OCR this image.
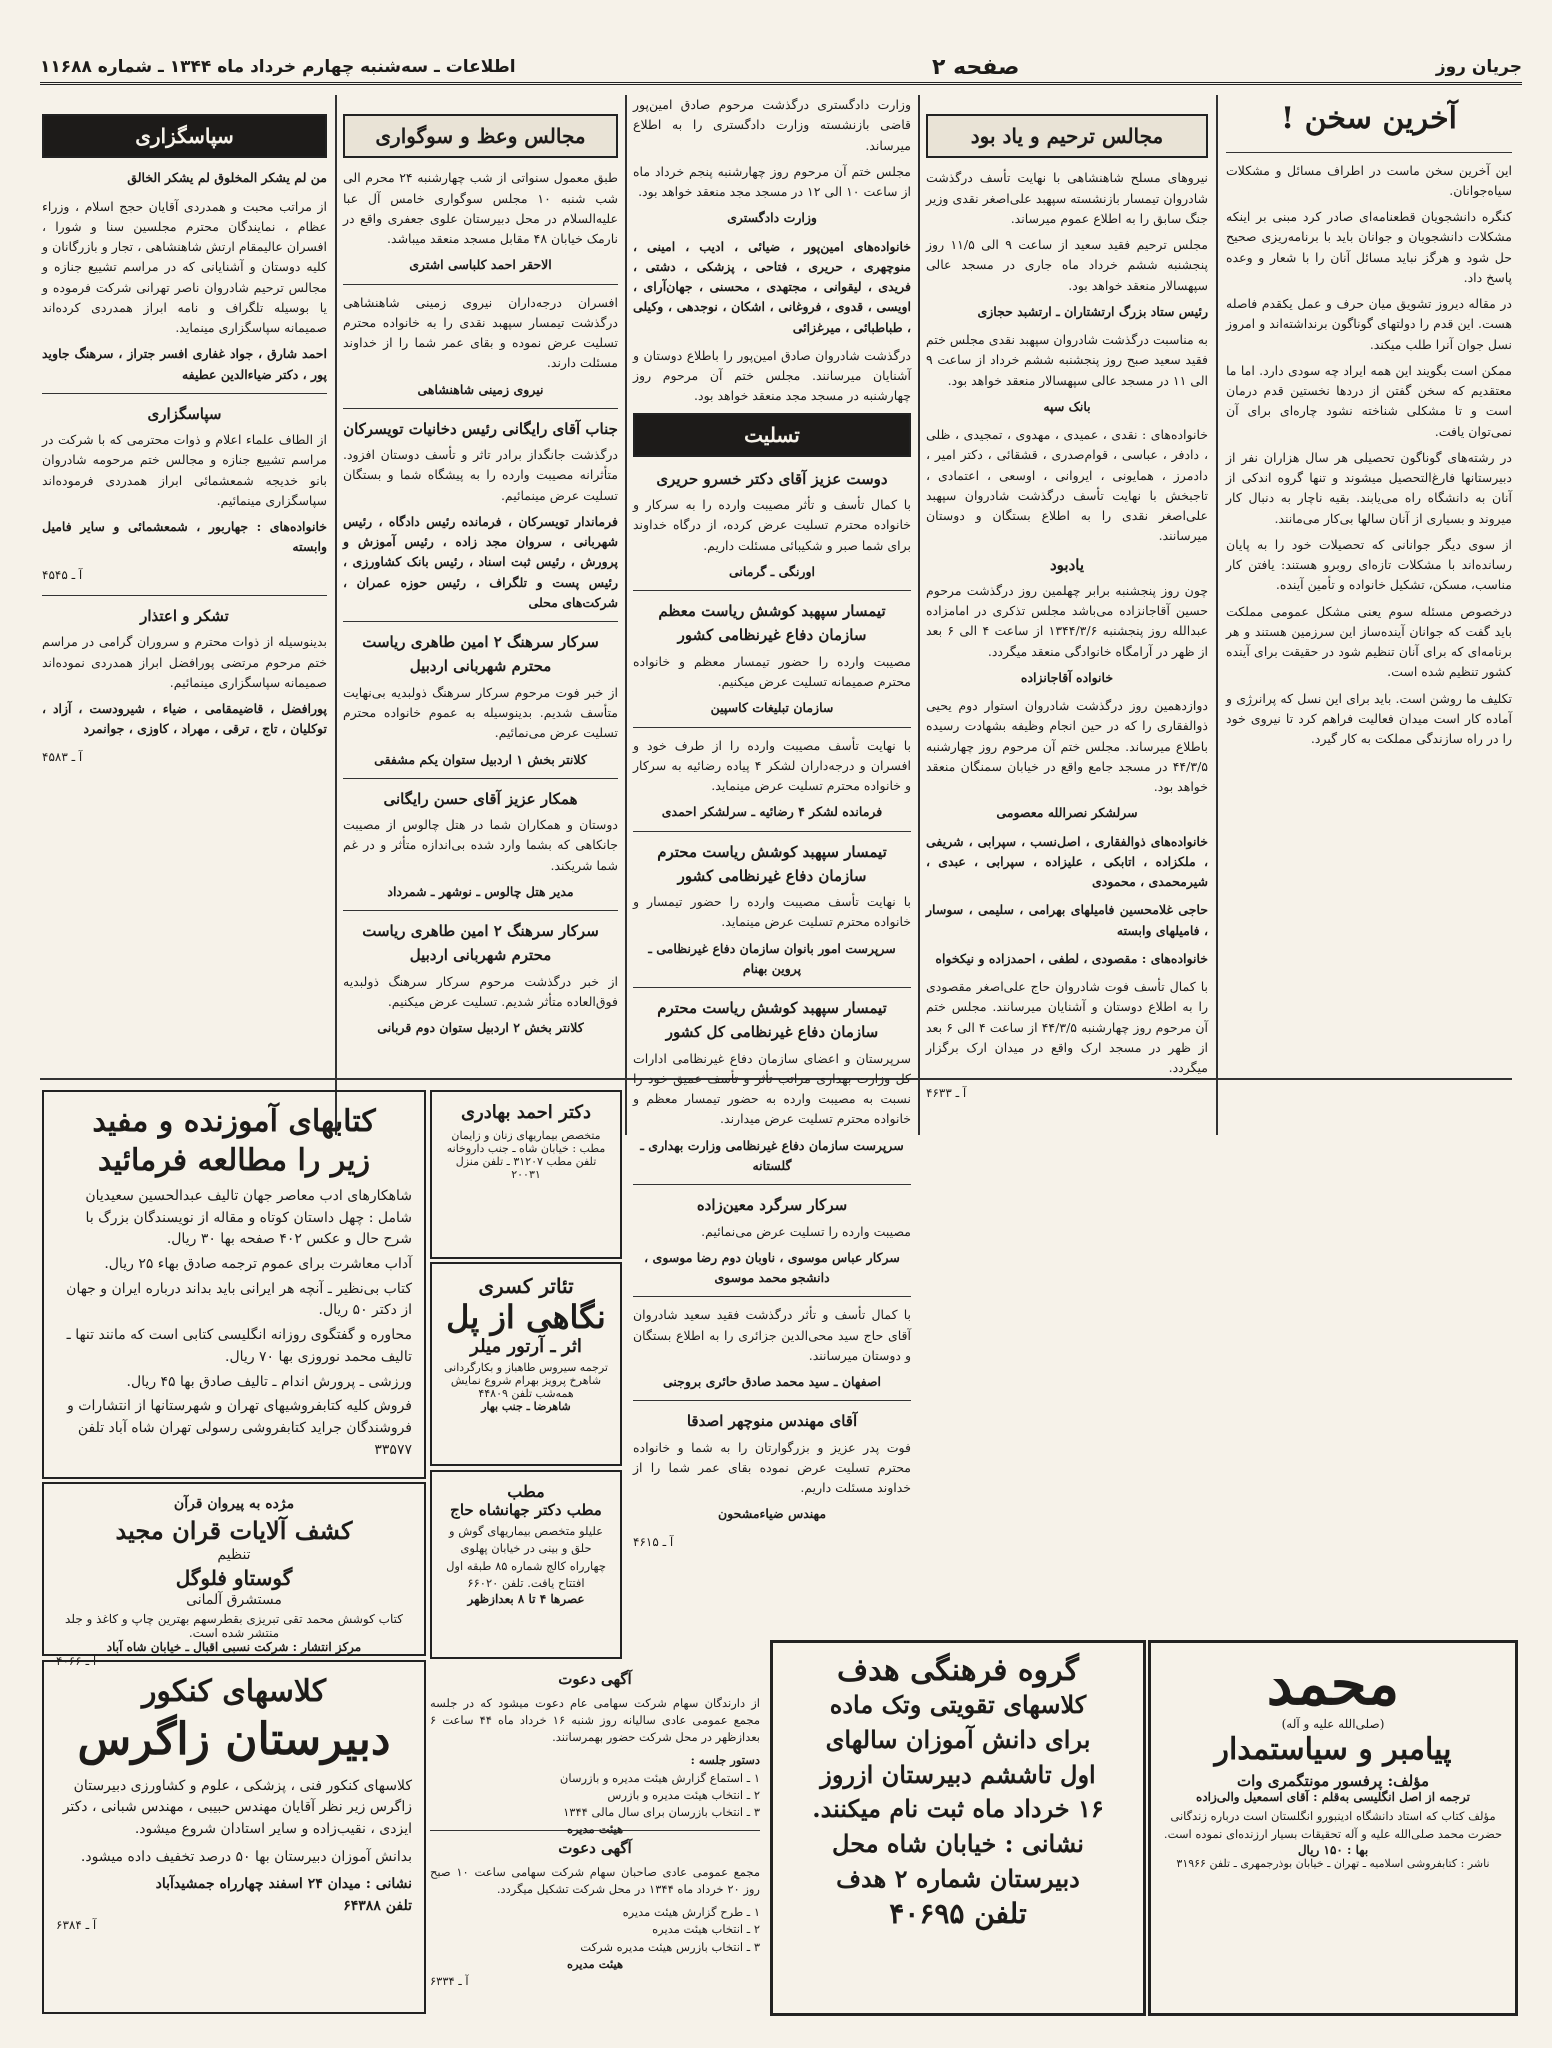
جریان روز
صفحه ۲
اطلاعات ـ سه‌شنبه چهارم خرداد ماه ۱۳۴۴ ـ شماره ۱۱۶۸۸
آخرین سخن !

این آخرین سخن ماست در اطراف مسائل و مشکلات سیاه‌جوانان.

کنگره دانشجویان قطعنامه‌ای صادر کرد مبنی بر اینکه مشکلات دانشجویان و جوانان باید با برنامه‌ریزی صحیح حل شود و هرگز نباید مسائل آنان را با شعار و وعده پاسخ داد.

در مقاله دیروز تشویق میان حرف و عمل یکقدم فاصله هست. این قدم را دولتهای گوناگون برنداشته‌اند و امروز نسل جوان آنرا طلب میکند.

ممکن است بگویند این همه ایراد چه سودی دارد. اما ما معتقدیم که سخن گفتن از دردها نخستین قدم درمان است و تا مشکلی شناخته نشود چاره‌ای برای آن نمی‌توان یافت.

در رشته‌های گوناگون تحصیلی هر سال هزاران نفر از دبیرستانها فارغ‌التحصیل میشوند و تنها گروه اندکی از آنان به دانشگاه راه می‌یابند. بقیه ناچار به دنبال کار میروند و بسیاری از آنان سالها بی‌کار می‌مانند.

از سوی دیگر جوانانی که تحصیلات خود را به پایان رسانده‌اند با مشکلات تازه‌ای روبرو هستند: یافتن کار مناسب، مسکن، تشکیل خانواده و تأمین آینده.

درخصوص مسئله سوم یعنی مشکل عمومی مملکت باید گفت که جوانان آینده‌ساز این سرزمین هستند و هر برنامه‌ای که برای آنان تنظیم شود در حقیقت برای آینده کشور تنظیم شده است.

تکلیف ما روشن است. باید برای این نسل که پرانرژی و آماده کار است میدان فعالیت فراهم کرد تا نیروی خود را در راه سازندگی مملکت به کار گیرد.

مجالس ترحیم و یاد بود

نیروهای مسلح شاهنشاهی با نهایت تأسف درگذشت شادروان تیمسار بازنشسته سپهبد علی‌اصغر نقدی وزیر جنگ سابق را به اطلاع عموم میرساند.

مجلس ترحیم فقید سعید از ساعت ۹ الی ۱۱/۵ روز پنجشنبه ششم خرداد ماه جاری در مسجد عالی سپهسالار منعقد خواهد بود.

رئیس ستاد بزرگ ارتشتاران ـ ارتشبد حجازی

به مناسبت درگذشت شادروان سپهبد نقدی مجلس ختم فقید سعید صبح روز پنجشنبه ششم خرداد از ساعت ۹ الی ۱۱ در مسجد عالی سپهسالار منعقد خواهد بود.

بانک سپه

خانواده‌های : نقدی ، عمیدی ، مهدوی ، تمجیدی ، ظلی ، دادفر ، عباسی ، قوام‌صدری ، قشقائی ، دکتر امیر ، دادمرز ، همایونی ، ایروانی ، اوسعی ، اعتمادی ، تاجبخش با نهایت تأسف درگذشت شادروان سپهبد علی‌اصغر نقدی را به اطلاع بستگان و دوستان میرسانند.

یادبود

چون روز پنجشنبه برابر چهلمین روز درگذشت مرحوم حسین آقاجانزاده می‌باشد مجلس تذکری در امامزاده عبدالله روز پنجشنبه ۱۳۴۴/۳/۶ از ساعت ۴ الی ۶ بعد از ظهر در آرامگاه خانوادگی منعقد میگردد.

خانواده آقاجانزاده

دوازدهمین روز درگذشت شادروان استوار دوم یحیی ذوالفقاری را که در حین انجام وظیفه بشهادت رسیده باطلاع میرساند. مجلس ختم آن مرحوم روز چهارشنبه ۴۴/۳/۵ در مسجد جامع واقع در خیابان سمنگان منعقد خواهد بود.

سرلشکر نصرالله معصومی

خانواده‌های ذوالفقاری ، اصل‌نسب ، سپرابی ، شریفی ، ملکزاده ، اتابکی ، علیزاده ، سپرابی ، عبدی ، شیرمحمدی ، محمودی

حاجی غلامحسین فامیلهای بهرامی ، سلیمی ، سوسار ، فامیلهای وابسته

خانواده‌های : مقصودی ، لطفی ، احمدزاده و نیکخواه

با کمال تأسف فوت شادروان حاج علی‌اصغر مقصودی را به اطلاع دوستان و آشنایان میرسانند. مجلس ختم آن مرحوم روز چهارشنبه ۴۴/۳/۵ از ساعت ۴ الی ۶ بعد از ظهر در مسجد ارک واقع در میدان ارک برگزار میگردد.

آ ـ ۴۶۳۳

وزارت دادگستری درگذشت مرحوم صادق امین‌پور قاضی بازنشسته وزارت دادگستری را به اطلاع میرساند.

مجلس ختم آن مرحوم روز چهارشنبه پنجم خرداد ماه از ساعت ۱۰ الی ۱۲ در مسجد مجد منعقد خواهد بود.

وزارت دادگستری

خانواده‌های امین‌پور ، ضیائی ، ادیب ، امینی ، منوچهری ، حریری ، فتاحی ، پزشکی ، دشتی ، فریدی ، لیقوانی ، مجتهدی ، محسنی ، جهان‌آرای ، اویسی ، قدوی ، فروغانی ، اشکان ، نوجدهی ، وکیلی ، طباطبائی ، میرغزائی

درگذشت شادروان صادق امین‌پور را باطلاع دوستان و آشنایان میرسانند. مجلس ختم آن مرحوم روز چهارشنبه در مسجد مجد منعقد خواهد بود.

تسلیت
دوست عزیز آقای دکتر خسرو حریری

با کمال تأسف و تأثر مصیبت وارده را به سرکار و خانواده محترم تسلیت عرض کرده، از درگاه خداوند برای شما صبر و شکیبائی مسئلت داریم.

اورنگی ـ گرمانی

تیمسار سپهبد کوشش ریاست معظم سازمان دفاع غیرنظامی کشور

مصیبت وارده را حضور تیمسار معظم و خانواده محترم صمیمانه تسلیت عرض میکنیم.

سازمان تبلیغات کاسپین

با نهایت تأسف مصیبت وارده را از طرف خود و افسران و درجه‌داران لشکر ۴ پیاده رضائیه به سرکار و خانواده محترم تسلیت عرض مینماید.

فرمانده لشکر ۴ رضائیه ـ سرلشکر احمدی

تیمسار سپهبد کوشش ریاست محترم سازمان دفاع غیرنظامی کشور

با نهایت تأسف مصیبت وارده را حضور تیمسار و خانواده محترم تسلیت عرض مینماید.

سرپرست امور بانوان سازمان دفاع غیرنظامی ـ پروین بهنام

تیمسار سپهبد کوشش ریاست محترم سازمان دفاع غیرنظامی کل کشور

سرپرستان و اعضای سازمان دفاع غیرنظامی ادارات کل وزارت بهداری مراتب تأثر و تأسف عمیق خود را نسبت به مصیبت وارده به حضور تیمسار معظم و خانواده محترم تسلیت عرض میدارند.

سرپرست سازمان دفاع غیرنظامی وزارت بهداری ـ گلستانه

سرکار سرگرد معین‌زاده

مصیبت وارده را تسلیت عرض می‌نمائیم.

سرکار عباس موسوی ، ناوبان دوم رضا موسوی ، دانشجو محمد موسوی

با کمال تأسف و تأثر درگذشت فقید سعید شادروان آقای حاج سید محی‌الدین جزائری را به اطلاع بستگان و دوستان میرسانند.

اصفهان ـ سید محمد صادق حائری بروجنی

آقای مهندس منوچهر اصدقا

فوت پدر عزیز و بزرگوارتان را به شما و خانواده محترم تسلیت عرض نموده بقای عمر شما را از خداوند مسئلت داریم.

مهندس ضیاء‌مشحون

آ ـ ۴۶۱۵

مجالس وعظ و سوگواری

طبق معمول سنواتی از شب چهارشنبه ۲۴ محرم الی شب شنبه ۱۰ مجلس سوگواری خامس آل عبا علیه‌السلام در محل دبیرستان علوی جعفری واقع در نارمک خیابان ۴۸ مقابل مسجد منعقد میباشد.

الاحقر احمد کلباسی اشتری

افسران درجه‌داران نیروی زمینی شاهنشاهی درگذشت تیمسار سپهبد نقدی را به خانواده محترم تسلیت عرض نموده و بقای عمر شما را از خداوند مسئلت دارند.

نیروی زمینی شاهنشاهی

جناب آقای رایگانی رئیس دخانیات تویسرکان

درگذشت جانگداز برادر تاثر و تأسف دوستان افزود. متأثرانه مصیبت وارده را به پیشگاه شما و بستگان تسلیت عرض مینمائیم.

فرماندار تویسرکان ، فرمانده رئیس دادگاه ، رئیس شهربانی ، سروان مجد زاده ، رئیس آموزش و پرورش ، رئیس ثبت اسناد ، رئیس بانک کشاورزی ، رئیس پست و تلگراف ، رئیس حوزه عمران ، شرکت‌های محلی

سرکار سرهنگ ۲ امین طاهری ریاست محترم شهربانی اردبیل

از خبر فوت مرحوم سرکار سرهنگ ذولبدیه بی‌نهایت متأسف شدیم. بدینوسیله به عموم خانواده محترم تسلیت عرض می‌نمائیم.

کلانتر بخش ۱ اردبیل ستوان یکم مشفقی

همکار عزیز آقای حسن رایگانی

دوستان و همکاران شما در هتل چالوس از مصیبت جانکاهی که بشما وارد شده بی‌اندازه متأثر و در غم شما شریکند.

مدیر هتل چالوس ـ نوشهر ـ شمرداد

سرکار سرهنگ ۲ امین طاهری ریاست محترم شهربانی اردبیل

از خبر درگذشت مرحوم سرکار سرهنگ ذولبدیه فوق‌العاده متأثر شدیم. تسلیت عرض میکنیم.

کلانتر بخش ۲ اردبیل ستوان دوم قربانی

سپاسگزاری

من لم یشکر المخلوق لم یشکر الخالق

از مراتب محبت و همدردی آقایان حجج اسلام ، وزراء عظام ، نمایندگان محترم مجلسین سنا و شورا ، افسران عالیمقام ارتش شاهنشاهی ، تجار و بازرگانان و کلیه دوستان و آشنایانی که در مراسم تشییع جنازه و مجالس ترحیم شادروان ناصر تهرانی شرکت فرموده و یا بوسیله تلگراف و نامه ابراز همدردی کرده‌اند صمیمانه سپاسگزاری مینماید.

احمد شارق ، جواد غفاری افسر جتراز ، سرهنگ جاوید پور ، دکتر ضیاء‌الدین عطیفه

سپاسگزاری

از الطاف علماء اعلام و ذوات محترمی که با شرکت در مراسم تشییع جنازه و مجالس ختم مرحومه شادروان بانو خدیجه شمعشمائی ابراز همدردی فرموده‌اند سپاسگزاری مینمائیم.

خانواده‌های : جهاربور ، شمعشمائی و سایر فامیل وابسته

آ ـ ۴۵۴۵

تشکر و اعتذار

بدینوسیله از ذوات محترم و سروران گرامی در مراسم ختم مرحوم مرتضی پورافضل ابراز همدردی نموده‌اند صمیمانه سپاسگزاری مینمائیم.

پورافضل ، قاضیمقامی ، ضیاء ، شیرودست ، آزاد ، توکلیان ، تاج ، ترقی ، مهراد ، کاوزی ، جوانمرد

آ ـ ۴۵۸۳

کتابهای آموزنده و مفید
زیر را مطالعه فرمائید

شاهکارهای ادب معاصر جهان تالیف عبدالحسین سعیدیان شامل : چهل داستان کوتاه و مقاله از نویسندگان بزرگ با شرح حال و عکس ۴۰۲ صفحه بها ۳۰ ریال.

آداب معاشرت برای عموم ترجمه صادق بهاء ۲۵ ریال.

کتاب بی‌نظیر ـ آنچه هر ایرانی باید بداند درباره ایران و جهان از دکتر ۵۰ ریال.

محاوره و گفتگوی روزانه انگلیسی کتابی است که مانند تنها ـ تالیف محمد نوروزی بها ۷۰ ریال.

ورزشی ـ پرورش اندام ـ تالیف صادق بها ۴۵ ریال.

فروش کلیه کتابفروشیهای تهران و شهرستانها از انتشارات و فروشندگان جراید کتابفروشی رسولی تهران شاه آباد تلفن ۳۳۵۷۷

مژده به پیروان قرآن
کشف آلایات قران مجید
تنظیم
گوستاو فلوگل
مستشرق آلمانی
کتاب کوشش محمد تقی تبریزی بقطرسهم بهترین چاپ و کاغذ و جلد منتشر شده است.
مرکز انتشار : شرکت نسبی اقبال ـ خیابان شاه آباد
آ ـ ۴۰۶۶
کلاسهای کنکور
دبیرستان زاگرس

کلاسهای کنکور فنی ، پزشکی ، علوم و کشاورزی دبیرستان زاگرس زیر نظر آقایان مهندس حبیبی ، مهندس شبانی ، دکتر ایزدی ، نقیب‌زاده و سایر استادان شروع میشود.

بدانش آموزان دبیرستان بها ۵۰ درصد تخفیف داده میشود.

نشانی : میدان ۲۴ اسفند چهارراه جمشیدآباد
تلفن ۶۴۳۸۸
آ ـ ۶۳۸۴
دکتر احمد بهادری
متخصص بیماریهای زنان و زایمان
مطب : خیابان شاه ـ جنب داروخانه
تلفن مطب ۳۱۲۰۷ ـ تلفن منزل ۲۰۰۳۱
تئاتر کسری
نگاهی از پل
اثر ـ آرتور میلر
ترجمه سیروس طاهباز و بکارگردانی شاهرخ پرویز بهرام شروع نمایش همه‌شب تلفن ۴۴۸۰۹
شاهرضا ـ جنب بهار
مطب
مطب دکتر جهانشاه حاج
علیلو متخصص بیماریهای گوش و حلق و بینی در خیابان پهلوی چهارراه کالج شماره ۸۵ طبقه اول افتتاح یافت. تلفن ۶۶۰۲۰
عصرها ۴ تا ۸ بعدازظهر
آگهی دعوت

از دارندگان سهام شرکت سهامی عام دعوت میشود که در جلسه مجمع عمومی عادی سالیانه روز شنبه ۱۶ خرداد ماه ۴۴ ساعت ۶ بعدازظهر در محل شرکت حضور بهمرسانند.

دستور جلسه :
۱ ـ استماع گزارش هیئت مدیره و بازرسان
۲ ـ انتخاب هیئت مدیره و بازرس
۳ ـ انتخاب بازرسان برای سال مالی ۱۳۴۴
هیئت مدیره
آگهی دعوت

مجمع عمومی عادی صاحبان سهام شرکت سهامی ساعت ۱۰ صبح روز ۲۰ خرداد ماه ۱۳۴۴ در محل شرکت تشکیل میگردد.

۱ ـ طرح گزارش هیئت مدیره
۲ ـ انتخاب هیئت مدیره
۳ ـ انتخاب بازرس هیئت مدیره شرکت
هیئت مدیره
آ ـ ۶۳۳۴
گروه فرهنگی هدف
کلاسهای تقویتی وتک ماده
برای دانش آموزان سالهای
اول تاششم دبیرستان ازروز
۱۶ خرداد ماه ثبت نام میکنند.
نشانی : خیابان شاه محل
دبیرستان شماره ۲ هدف
تلفن ۴۰۶۹۵
محمد
(صلی‌الله علیه و آله)
پیامبر و سیاستمدار
مؤلف: پرفسور مونتگمری وات
ترجمه از اصل انگلیسی به‌قلم : آقای اسمعیل والی‌زاده
مؤلف کتاب که استاد دانشگاه ادینبورو انگلستان است درباره زندگانی حضرت محمد صلی‌الله علیه و آله تحقیقات بسیار ارزنده‌ای نموده است.
بها : ۱۵۰ ریال
ناشر : کتابفروشی اسلامیه ـ تهران ـ خیابان بوذرجمهری ـ تلفن ۳۱۹۶۶
